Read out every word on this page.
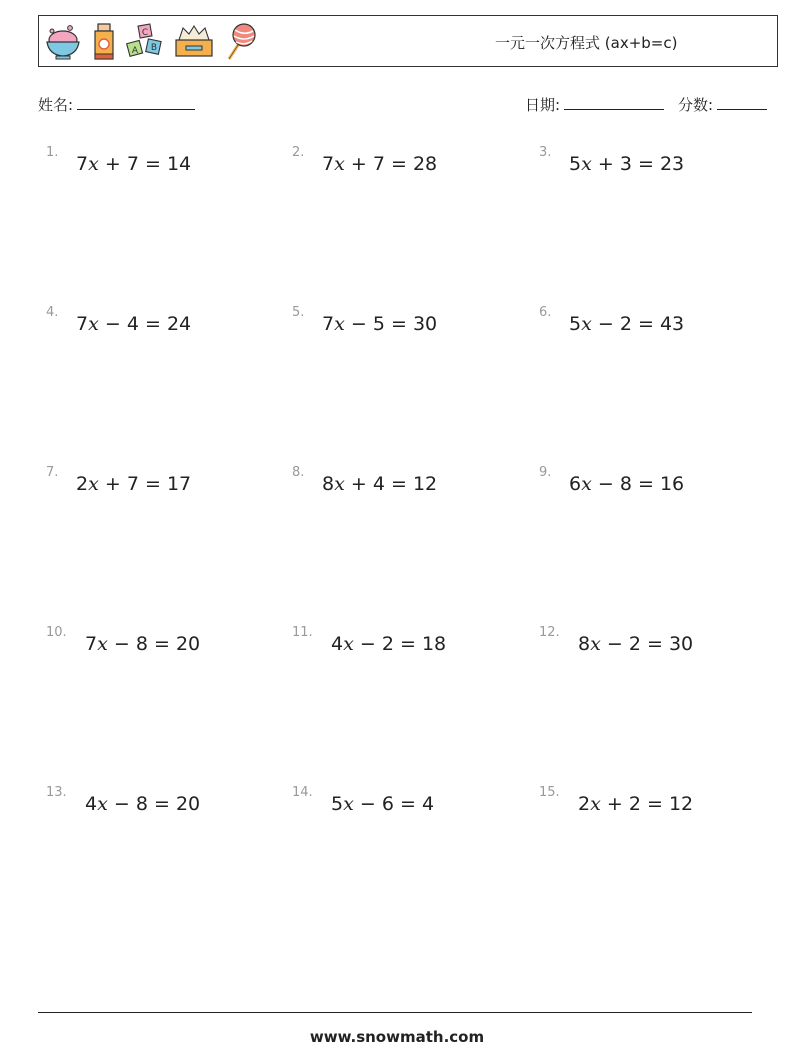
C
A B	一元一次方程式 (ax+b=c)
姓名:	日期:	分数:
1.
7x + 7 = 14
2.
7x + 7 = 28
3.
5x + 3 = 23
4.
7x − 4 = 24
5.
7x − 5 = 30
6.
5x − 2 = 43
7.
2x + 7 = 17
8.
8x + 4 = 12
9.
6x − 8 = 16
10.
7x − 8 = 20
11.
4x − 2 = 18
12.
8x − 2 = 30
13.
4x − 8 = 20
14.
5x − 6 = 4
15.
2x + 2 = 12
www.snowmath.com
